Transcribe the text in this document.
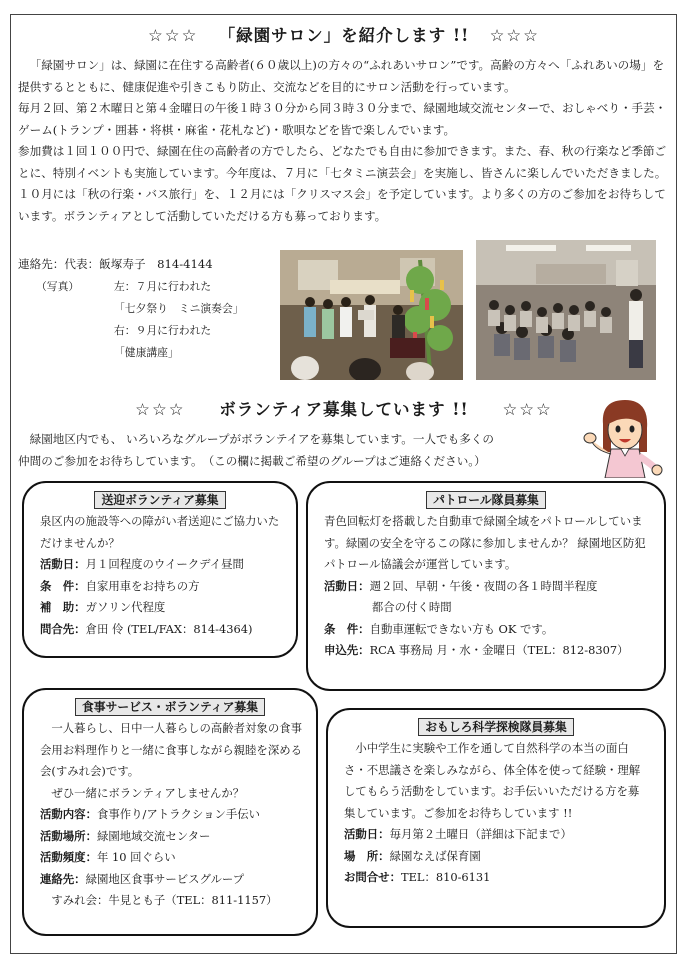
☆☆☆ 「緑園サロン」を紹介します !! ☆☆☆

「緑園サロン」は、緑園に在住する高齢者(６０歳以上)の方々の“ふれあいサロン”です。高齢の方々へ「ふれあいの場」を提供するとともに、健康促進や引きこもり防止、交流などを目的にサロン活動を行っています。

毎月２回、第２木曜日と第４金曜日の午後１時３０分から同３時３０分まで、緑園地域交流センターで、おしゃべり・手芸・ゲーム(トランプ・囲碁・将棋・麻雀・花札など)・歌唄などを皆で楽しんでいます。

参加費は１回１００円で、緑園在住の高齢者の方でしたら、どなたでも自由に参加できます。また、春、秋の行楽など季節ごとに、特別イベントも実施しています。今年度は、７月に「七タミニ演芸会」を実施し、皆さんに楽しんでいただきました。１０月には「秋の行楽・バス旅行」を、１２月には「クリスマス会」を予定しています。より多くの方のご参加をお待ちしています。ボランティアとして活動していただける方も募っております。

連絡先：代表：飯塚寿子　814-4144
（写真）	左：７月に行われた
「七夕祭り　ミニ演奏会」
右：９月に行われた
「健康講座」
☆☆☆ ボランティア募集しています !! ☆☆☆

　緑園地区内でも、 いろいろなグループがボランテイアを募集しています。一人でも多くの

仲間のご参加をお待ちしています。　（この欄に掲載ご希望のグループはご連絡ください。）

送迎ボランティア募集

泉区内の施設等への障がい者送迎にご協力いただけませんか？

活動日：月１回程度のウイークデイ昼間

条　件：自家用車をお持ちの方

補　助：ガソリン代程度

問合先：倉田 伶 (TEL/FAX：814-4364)

パトロール隊員募集

青色回転灯を搭載した自動車で緑園全域をパトロールしています。緑園の安全を守るこの隊に参加しませんか？ 緑園地区防犯パトロール協議会が運営しています。

活動日：週２回、早朝・午後・夜間の各１時間半程度

都合の付く時間

条　件：自動車運転できない方も OK です。

申込先：RCA 事務局 月・水・金曜日（TEL：812-8307）

食事サービス・ボランティア募集

一人暮らし、日中一人暮らしの高齢者対象の食事会用お料理作りと一緒に食事しながら親睦を深める会(すみれ会)です。

ぜひ一緒にボランティアしませんか？

活動内容：食事作り/アトラクション手伝い

活動場所：緑園地域交流センター

活動頻度：年 10 回ぐらい

連絡先：緑園地区食事サービスグループ

すみれ会：牛見とも子（TEL：811-1157）

おもしろ科学探検隊員募集

小中学生に実験や工作を通して自然科学の本当の面白さ・不思議さを楽しみながら、体全体を使って経験・理解してもらう活動をしています。お手伝いいただける方を募集しています。ご参加をお待ちしています !!

活動日：毎月第２土曜日（詳細は下記まで）

場　所：緑園なえば保育園

お問合せ：TEL：810-6131
